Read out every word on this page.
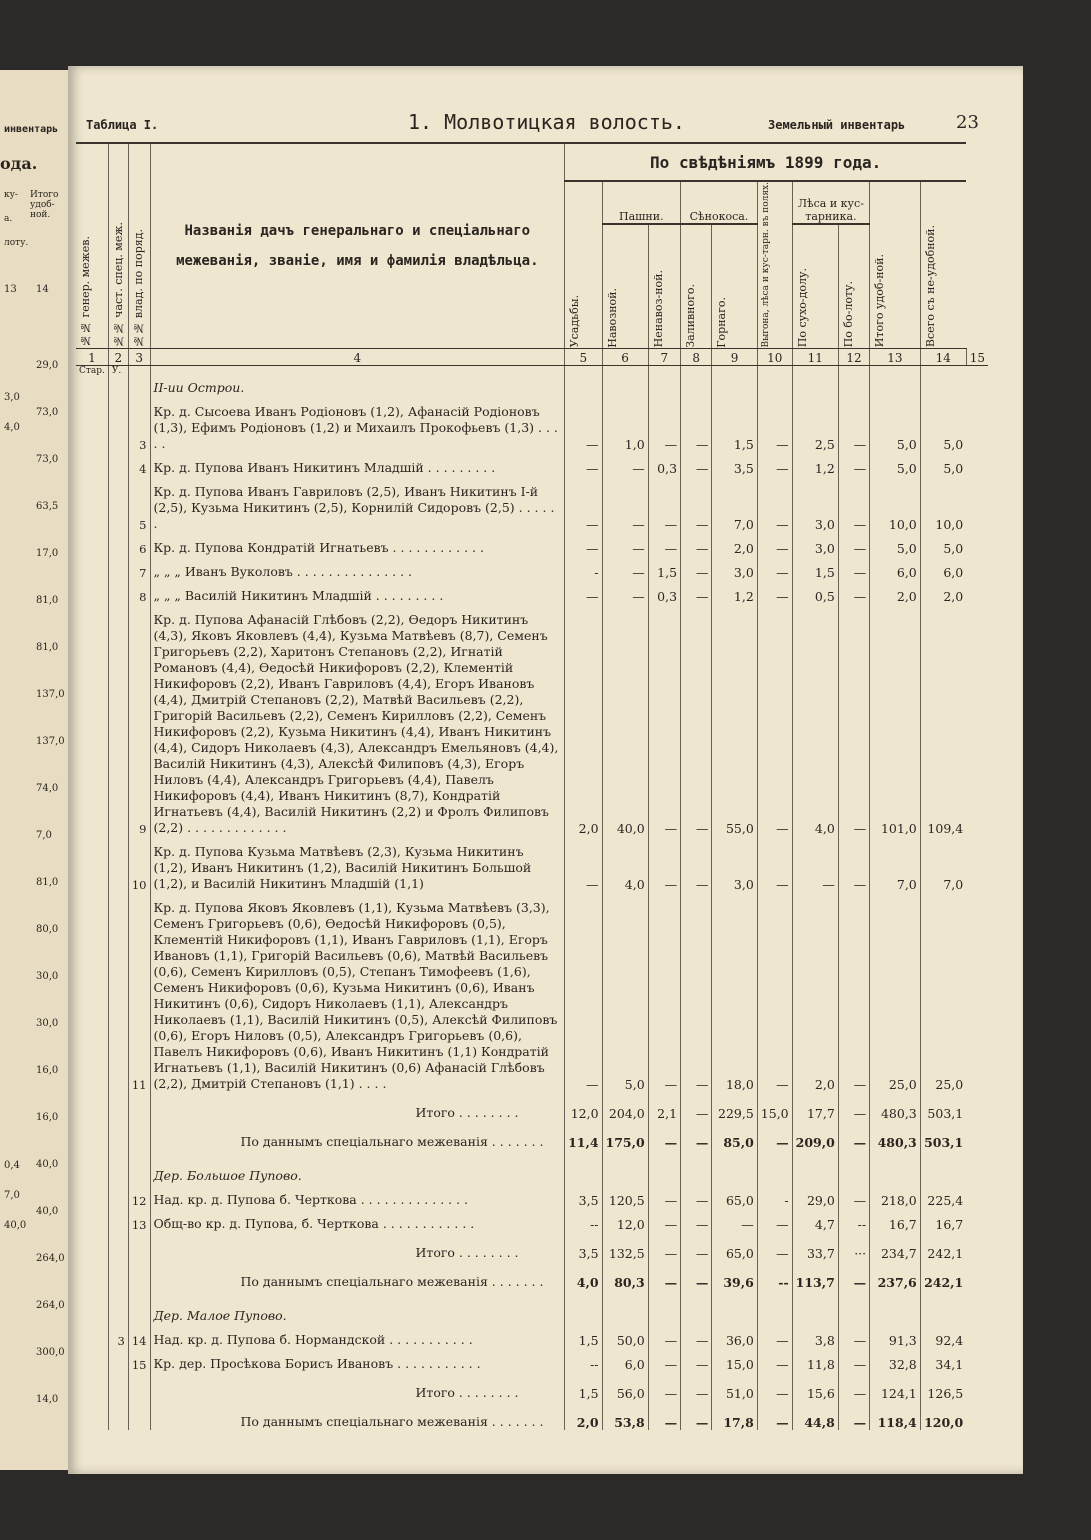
инвентарь
ода.
13 14
29,0
73,0
73,0
63,5
17,0
81,0
81,0
137,0
137,0
74,0
7,0
81,0
80,0
30,0
30,0
16,0
16,0
40,0
40,0
264,0
264,0
300,0
14,0
3,0
4,0
0,4
7,0
40,0
ку-
а.
лоту.
Итого удоб-ной.
Таблица I.	1. Молвотицкая волость.	Земельный инвентарь	23
№№ генер. межев.	№№ част. спец. меж.	№№ влад. по поряд.	Названія дачъ генеральнаго и спеціальнаго межеванія, званіе, имя и фамилія владѣльца.	По свѣдѣніямъ 1899 года.										

				Усадьбы.	Пашни.		Сѣнокоса.		Выгона, лѣса и кус-тарн. въ полях.	Лѣса и кус-тарника.		Итого удоб-ной.	Всего съ не-удобной.	

					Навозной.	Ненавоз-ной.	Заливного.	Горнаго.		По сухо-долу.	По бо-лоту.			

1	2	3	4	5	6	7	8	9	10	11	12	13	14	15
Стар.	У.													
			II-ии Острои.											
		3	Кр. д. Сысоева Иванъ Родіоновъ (1,2), Афанасій Родіоновъ (1,3), Ефимъ Родіоновъ (1,2) и Михаилъ Прокофьевъ (1,3) . . . . .	—	1,0	—	—	1,5	—	2,5	—	5,0	5,0	
		4	Кр. д. Пупова Иванъ Никитинъ Младшій . . . . . . . . .	—	—	0,3	—	3,5	—	1,2	—	5,0	5,0	
		5	Кр. д. Пупова Иванъ Гавриловъ (2,5), Иванъ Никитинъ I-й (2,5), Кузьма Никитинъ (2,5), Корнилій Сидоровъ (2,5) . . . . . .	—	—	—	—	7,0	—	3,0	—	10,0	10,0	
		6	Кр. д. Пупова Кондратій Игнатьевъ . . . . . . . . . . . .	—	—	—	—	2,0	—	3,0	—	5,0	5,0	
		7	„ „ „ Иванъ Вуколовъ . . . . . . . . . . . . . . .	-	—	1,5	—	3,0	—	1,5	—	6,0	6,0	
		8	„ „ „ Василій Никитинъ Младшій . . . . . . . . .	—	—	0,3	—	1,2	—	0,5	—	2,0	2,0	
		9	Кр. д. Пупова Афанасій Глѣбовъ (2,2), Ѳедоръ Никитинъ (4,3), Яковъ Яковлевъ (4,4), Кузьма Матвѣевъ (8,7), Семенъ Григорьевъ (2,2), Харитонъ Степановъ (2,2), Игнатій Романовъ (4,4), Ѳедосѣй Никифоровъ (2,2), Клементій Никифоровъ (2,2), Иванъ Гавриловъ (4,4), Егоръ Ивановъ (4,4), Дмитрій Степановъ (2,2), Матвѣй Васильевъ (2,2), Григорій Васильевъ (2,2), Семенъ Кирилловъ (2,2), Семенъ Никифоровъ (2,2), Кузьма Никитинъ (4,4), Иванъ Никитинъ (4,4), Сидоръ Николаевъ (4,3), Александръ Емельяновъ (4,4), Василій Никитинъ (4,3), Алексѣй Филиповъ (4,3), Егоръ Ниловъ (4,4), Александръ Григорьевъ (4,4), Павелъ Никифоровъ (4,4), Иванъ Никитинъ (8,7), Кондратій Игнатьевъ (4,4), Василій Никитинъ (2,2) и Фролъ Филиповъ (2,2) . . . . . . . . . . . . .	2,0	40,0	—	—	55,0	—	4,0	—	101,0	109,4	
		10	Кр. д. Пупова Кузьма Матвѣевъ (2,3), Кузьма Никитинъ (1,2), Иванъ Никитинъ (1,2), Василій Никитинъ Большой (1,2), и Василій Никитинъ Младшій (1,1)	—	4,0	—	—	3,0	—	—	—	7,0	7,0	
		11	Кр. д. Пупова Яковъ Яковлевъ (1,1), Кузьма Матвѣевъ (3,3), Семенъ Григорьевъ (0,6), Ѳедосѣй Никифоровъ (0,5), Клементій Никифоровъ (1,1), Иванъ Гавриловъ (1,1), Егоръ Ивановъ (1,1), Григорій Васильевъ (0,6), Матвѣй Васильевъ (0,6), Семенъ Кирилловъ (0,5), Степанъ Тимофеевъ (1,6), Семенъ Никифоровъ (0,6), Кузьма Никитинъ (0,6), Иванъ Никитинъ (0,6), Сидоръ Николаевъ (1,1), Александръ Николаевъ (1,1), Василій Никитинъ (0,5), Алексѣй Филиповъ (0,6), Егоръ Ниловъ (0,5), Александръ Григорьевъ (0,6), Павелъ Никифоровъ (0,6), Иванъ Никитинъ (1,1) Кондратій Игнатьевъ (1,1), Василій Никитинъ (0,6) Афанасій Глѣбовъ (2,2), Дмитрій Степановъ (1,1) . . . .	—	5,0	—	—	18,0	—	2,0	—	25,0	25,0	
			Итого . . . . . . . .	12,0	204,0	2,1	—	229,5	15,0	17,7	—	480,3	503,1	
			По даннымъ спеціальнаго межеванія . . . . . . .	11,4	175,0	—	—	85,0	—	209,0	—	480,3	503,1	
			Дер. Большое Пупово.											
		12	Над. кр. д. Пупова б. Черткова . . . . . . . . . . . . . .	3,5	120,5	—	—	65,0	-	29,0	—	218,0	225,4	
		13	Общ-во кр. д. Пупова, б. Черткова . . . . . . . . . . . .	--	12,0	—	—	—	—	4,7	--	16,7	16,7	
			Итого . . . . . . . .	3,5	132,5	—	—	65,0	—	33,7	···	234,7	242,1	
			По даннымъ спеціальнаго межеванія . . . . . . .	4,0	80,3	—	—	39,6	--	113,7	—	237,6	242,1	
			Дер. Малое Пупово.											
	3	14	Над. кр. д. Пупова б. Нормандской . . . . . . . . . . .	1,5	50,0	—	—	36,0	—	3,8	—	91,3	92,4	
		15	Кр. дер. Просѣкова Борисъ Ивановъ . . . . . . . . . . .	--	6,0	—	—	15,0	—	11,8	—	32,8	34,1	
			Итого . . . . . . . .	1,5	56,0	—	—	51,0	—	15,6	—	124,1	126,5	
			По даннымъ спеціальнаго межеванія . . . . . . .	2,0	53,8	—	—	17,8	—	44,8	—	118,4	120,0	
